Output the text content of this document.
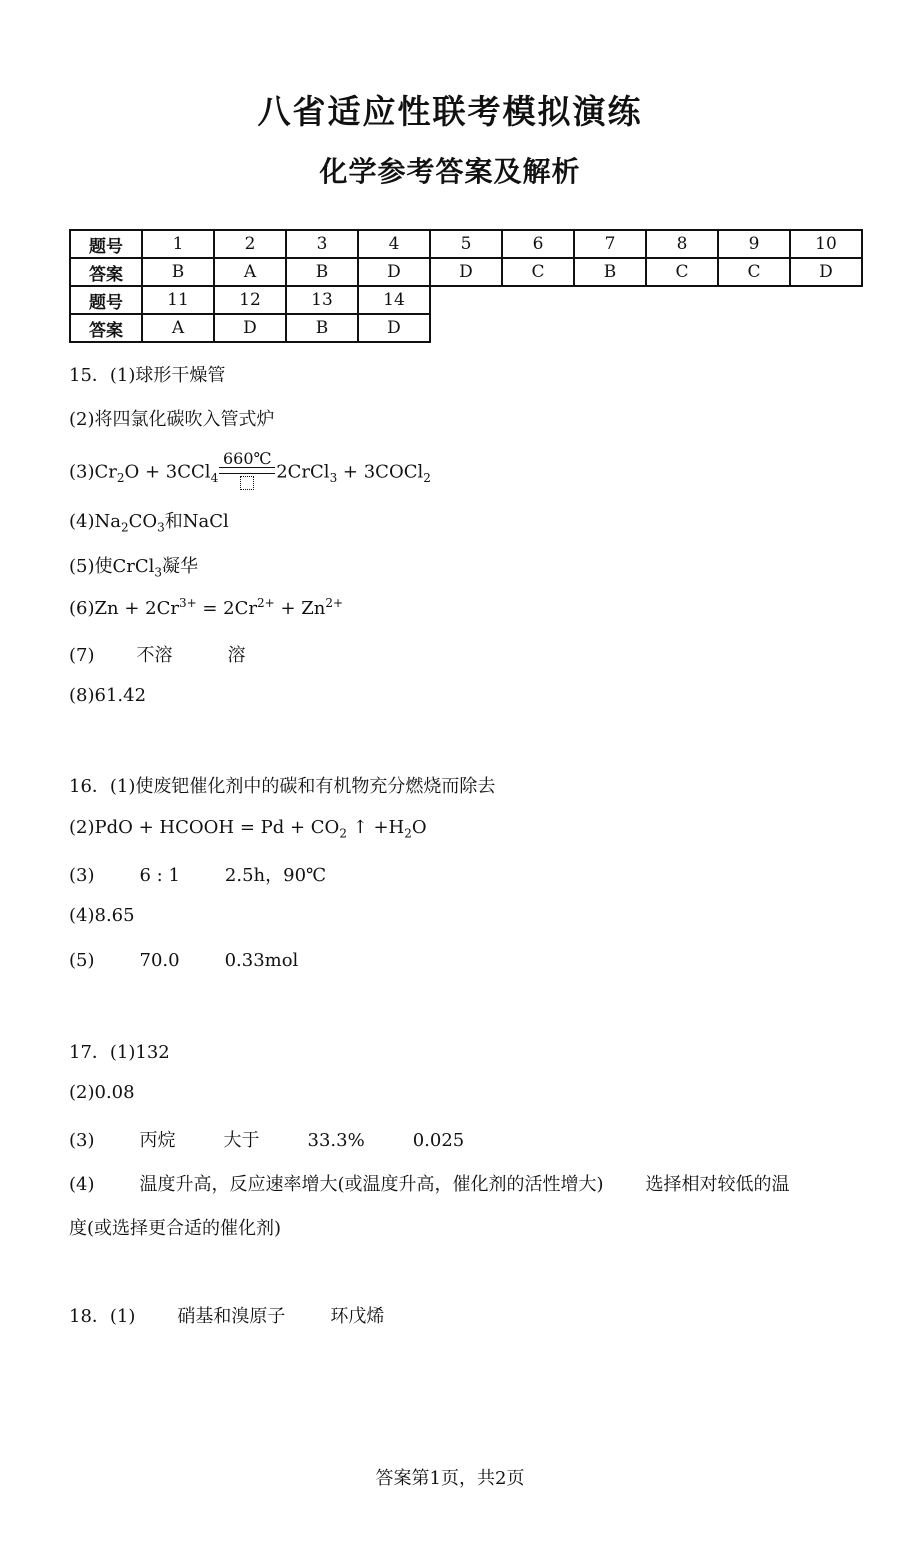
八省适应性联考模拟演练
化学参考答案及解析
题号	1	2	3	4	5	6	7	8	9	10
答案	B	A	B	D	D	C	B	C	C	D
题号	11	12	13	14						
答案	A	D	B	D						
15．(1)球形干燥管
(2)将四氯化碳吹入管式炉
$(3)Cr_2O + 3CCl_4$
660℃
2CrCl$_3$ + 3COCl$_2$
$(4)Na_2CO_3$和NaCl
(5)使CrCl$_3$凝华
$(6)Zn + 2Cr^{3+} = 2Cr^{2+} + Zn^{2+}$
(7) 不溶	溶
(8)61.42
16．(1)使废钯催化剂中的碳和有机物充分燃烧而除去
(2)PdO + HCOOH = $Pd + CO_2$ ↑ $+H_2O$
(3)	6 : 1	2.5h，90℃
(4)8.65
(5)	70.0	0.33mol
17．(1)132
(2)0.08
(3)	丙烷	大于	33.3%	0.025
(4)	温度升高，反应速率增大(或温度升高，催化剂的活性增大) 选择相对较低的温
度(或选择更合适的催化剂)
18．(1) 硝基和溴原子	环戊烯
答案第1页，共2页
